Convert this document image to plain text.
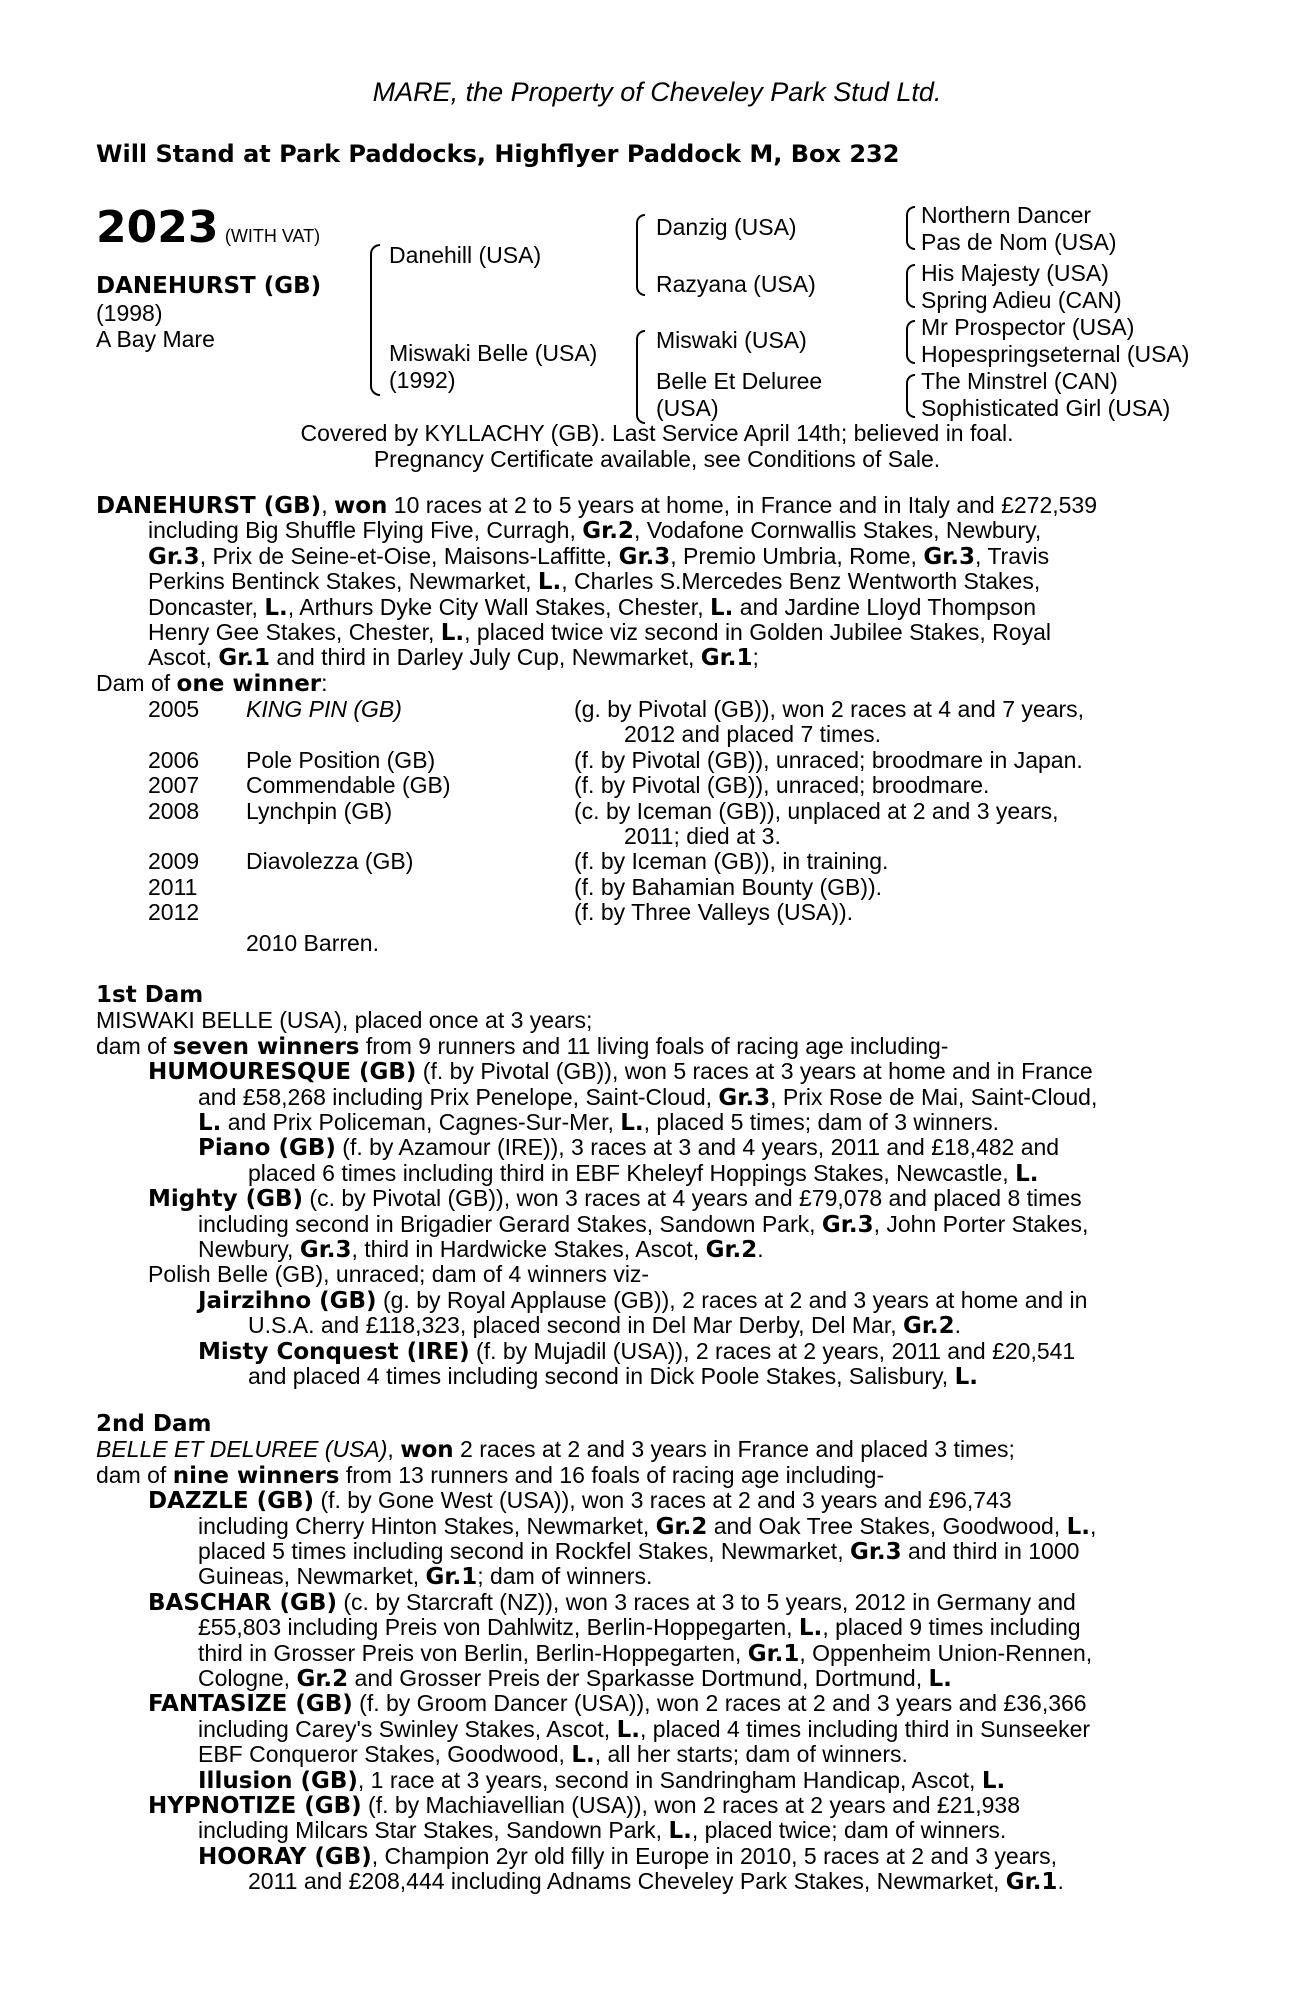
MARE, the Property of Cheveley Park Stud Ltd.
Will Stand at Park Paddocks, Highflyer Paddock M, Box 232
2023 (WITH VAT)
DANEHURST (GB)
(1998)
A Bay Mare
Danehill (USA)
Miswaki Belle (USA)
(1992)
Danzig (USA)
Razyana (USA)
Miswaki (USA)
Belle Et Deluree
(USA)
Northern Dancer
Pas de Nom (USA)
His Majesty (USA)
Spring Adieu (CAN)
Mr Prospector (USA)
Hopespringseternal (USA)
The Minstrel (CAN)
Sophisticated Girl (USA)
Covered by KYLLACHY (GB). Last Service April 14th; believed in foal.
Pregnancy Certificate available, see Conditions of Sale.
DANEHURST (GB), won 10 races at 2 to 5 years at home, in France and in Italy and £272,539
including Big Shuffle Flying Five, Curragh, Gr.2, Vodafone Cornwallis Stakes, Newbury,
Gr.3, Prix de Seine-et-Oise, Maisons-Laffitte, Gr.3, Premio Umbria, Rome, Gr.3, Travis
Perkins Bentinck Stakes, Newmarket, L., Charles S.Mercedes Benz Wentworth Stakes,
Doncaster, L., Arthurs Dyke City Wall Stakes, Chester, L. and Jardine Lloyd Thompson
Henry Gee Stakes, Chester, L., placed twice viz second in Golden Jubilee Stakes, Royal
Ascot, Gr.1 and third in Darley July Cup, Newmarket, Gr.1;
Dam of one winner:
2005 KING PIN (GB)	(g. by Pivotal (GB)), won 2 races at 4 and 7 years,
2012 and placed 7 times.
2006 Pole Position (GB)	(f. by Pivotal (GB)), unraced; broodmare in Japan.
2007 Commendable (GB)	(f. by Pivotal (GB)), unraced; broodmare.
2008 Lynchpin (GB)	(c. by Iceman (GB)), unplaced at 2 and 3 years,
2011; died at 3.
2009 Diavolezza (GB)	(f. by Iceman (GB)), in training.
2011	(f. by Bahamian Bounty (GB)).
2012	(f. by Three Valleys (USA)).
2010 Barren.
1st Dam
MISWAKI BELLE (USA), placed once at 3 years;
dam of seven winners from 9 runners and 11 living foals of racing age including-
HUMOURESQUE (GB) (f. by Pivotal (GB)), won 5 races at 3 years at home and in France
and £58,268 including Prix Penelope, Saint-Cloud, Gr.3, Prix Rose de Mai, Saint-Cloud,
L. and Prix Policeman, Cagnes-Sur-Mer, L., placed 5 times; dam of 3 winners.
Piano (GB) (f. by Azamour (IRE)), 3 races at 3 and 4 years, 2011 and £18,482 and
placed 6 times including third in EBF Kheleyf Hoppings Stakes, Newcastle, L.
Mighty (GB) (c. by Pivotal (GB)), won 3 races at 4 years and £79,078 and placed 8 times
including second in Brigadier Gerard Stakes, Sandown Park, Gr.3, John Porter Stakes,
Newbury, Gr.3, third in Hardwicke Stakes, Ascot, Gr.2.
Polish Belle (GB), unraced; dam of 4 winners viz-
Jairzihno (GB) (g. by Royal Applause (GB)), 2 races at 2 and 3 years at home and in
U.S.A. and £118,323, placed second in Del Mar Derby, Del Mar, Gr.2.
Misty Conquest (IRE) (f. by Mujadil (USA)), 2 races at 2 years, 2011 and £20,541
and placed 4 times including second in Dick Poole Stakes, Salisbury, L.
2nd Dam
BELLE ET DELUREE (USA), won 2 races at 2 and 3 years in France and placed 3 times;
dam of nine winners from 13 runners and 16 foals of racing age including-
DAZZLE (GB) (f. by Gone West (USA)), won 3 races at 2 and 3 years and £96,743
including Cherry Hinton Stakes, Newmarket, Gr.2 and Oak Tree Stakes, Goodwood, L.,
placed 5 times including second in Rockfel Stakes, Newmarket, Gr.3 and third in 1000
Guineas, Newmarket, Gr.1; dam of winners.
BASCHAR (GB) (c. by Starcraft (NZ)), won 3 races at 3 to 5 years, 2012 in Germany and
£55,803 including Preis von Dahlwitz, Berlin-Hoppegarten, L., placed 9 times including
third in Grosser Preis von Berlin, Berlin-Hoppegarten, Gr.1, Oppenheim Union-Rennen,
Cologne, Gr.2 and Grosser Preis der Sparkasse Dortmund, Dortmund, L.
FANTASIZE (GB) (f. by Groom Dancer (USA)), won 2 races at 2 and 3 years and £36,366
including Carey's Swinley Stakes, Ascot, L., placed 4 times including third in Sunseeker
EBF Conqueror Stakes, Goodwood, L., all her starts; dam of winners.
Illusion (GB), 1 race at 3 years, second in Sandringham Handicap, Ascot, L.
HYPNOTIZE (GB) (f. by Machiavellian (USA)), won 2 races at 2 years and £21,938
including Milcars Star Stakes, Sandown Park, L., placed twice; dam of winners.
HOORAY (GB), Champion 2yr old filly in Europe in 2010, 5 races at 2 and 3 years,
2011 and £208,444 including Adnams Cheveley Park Stakes, Newmarket, Gr.1.
